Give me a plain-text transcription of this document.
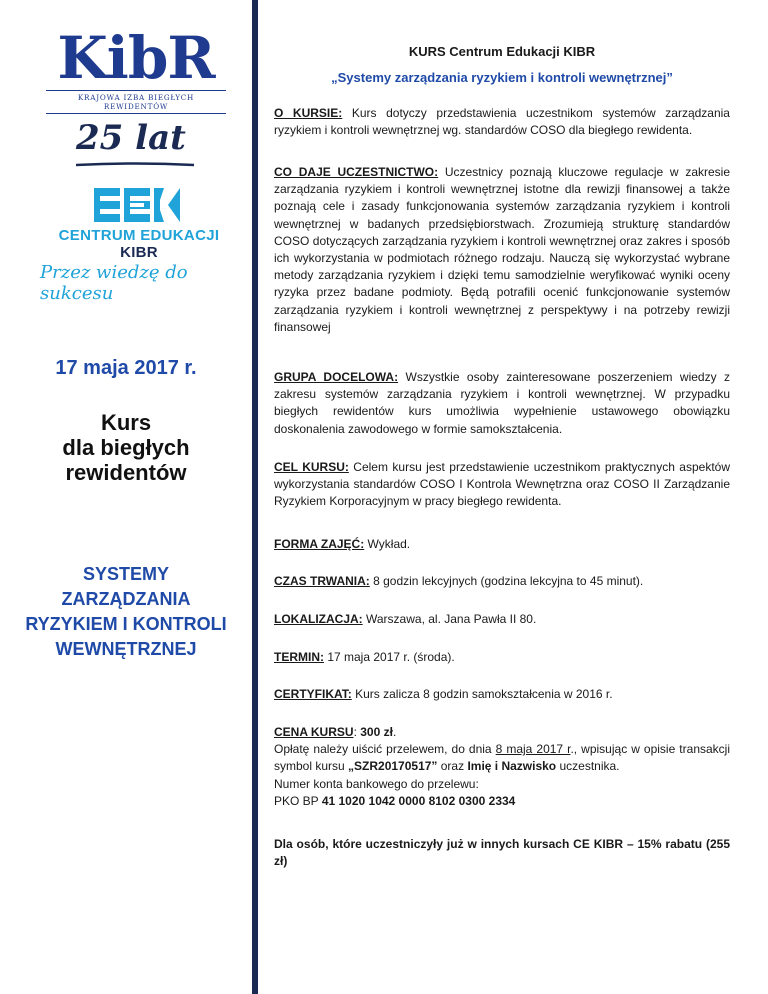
KibR
KRAJOWA IZBA BIEGŁYCH REWIDENTÓW
25 lat
CENTRUM EDUKACJI KIBR
Przez wiedzę do sukcesu
17 maja 2017 r.
Kurs
dla biegłych
rewidentów
SYSTEMY
ZARZĄDZANIA
RYZYKIEM I KONTROLI
WEWNĘTRZNEJ
KURS Centrum Edukacji KIBR
„Systemy zarządzania ryzykiem i kontroli wewnętrznej”
O KURSIE: Kurs dotyczy przedstawienia uczestnikom systemów zarządzania ryzykiem i kontroli wewnętrznej wg. standardów COSO dla biegłego rewidenta.
CO DAJE UCZESTNICTWO: Uczestnicy poznają kluczowe regulacje w zakresie zarządzania ryzykiem i kontroli wewnętrznej istotne dla rewizji finansowej a także poznają cele i zasady funkcjonowania systemów zarządzania ryzykiem i kontroli wewnętrznej w badanych przedsiębiorstwach. Zrozumieją strukturę standardów COSO dotyczących zarządzania ryzykiem i kontroli wewnętrznej oraz zakres i sposób ich wykorzystania w podmiotach różnego rodzaju. Nauczą się wykorzystać wybrane metody zarządzania ryzykiem i dzięki temu samodzielnie weryfikować wyniki oceny ryzyka przez badane podmioty. Będą potrafili ocenić funkcjonowanie systemów zarządzania ryzykiem i kontroli wewnętrznej z perspektywy i na potrzeby rewizji finansowej
GRUPA DOCELOWA: Wszystkie osoby zainteresowane poszerzeniem wiedzy z zakresu systemów zarządzania ryzykiem i kontroli wewnętrznej. W przypadku biegłych rewidentów kurs umożliwia wypełnienie ustawowego obowiązku doskonalenia zawodowego w formie samokształcenia.
CEL KURSU: Celem kursu jest przedstawienie uczestnikom praktycznych aspektów wykorzystania standardów COSO I Kontrola Wewnętrzna oraz COSO II Zarządzanie Ryzykiem Korporacyjnym w pracy biegłego rewidenta.
FORMA ZAJĘĆ: Wykład.
CZAS TRWANIA: 8 godzin lekcyjnych (godzina lekcyjna to 45 minut).
LOKALIZACJA: Warszawa, al. Jana Pawła II 80.
TERMIN: 17 maja 2017 r. (środa).
CERTYFIKAT: Kurs zalicza 8 godzin samokształcenia w 2016 r.
CENA KURSU: 300 zł.
Opłatę należy uiścić przelewem, do dnia 8 maja 2017 r., wpisując w opisie transakcji symbol kursu „SZR20170517” oraz Imię i Nazwisko uczestnika.
Numer konta bankowego do przelewu:
PKO BP 41 1020 1042 0000 8102 0300 2334
Dla osób, które uczestniczyły już w innych kursach CE KIBR – 15% rabatu (255 zł)
